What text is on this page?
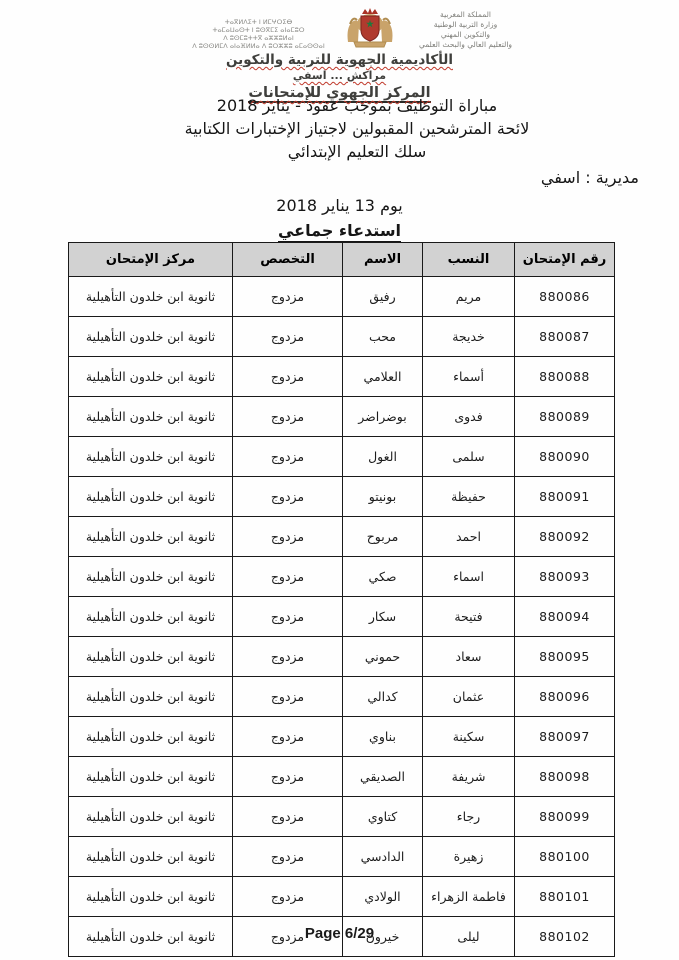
ⵜⴰⴳⵍⴷⵉⵜ ⵏ ⵍⵎⵖⵔⵉⴱ
ⵜⴰⵎⴰⵡⴰⵙⵜ ⵏ ⵓⵙⴳⵎⵉ ⴰⵏⴰⵎⵓⵔ
ⴷ ⵓⵙⵎⵓⵜⵜⴳ ⴰⵣⵣⵓⵍⴰⵏ
ⴷ ⵓⵙⵙⵍⵎⴷ ⴰⵏⴰⴼⵍⵍⴰ ⴷ ⵓⵔⵣⵣⵓ ⴰⵎⴰⵙⵙⴰⵏ
المملكة المغربية
وزارة التربية الوطنية
والتكوين المهني
والتعليم العالي والبحث العلمي
الأكاديمية الجهوية للتربية والتكوين
مراكش ... اسفي
المركز الجهوي للإمتحانات
مباراة التوظيف بموجب عقود - يناير 2018
لائحة المترشحين المقبولين لاجتياز الإختبارات الكتابية
سلك التعليم الإبتدائي
مديرية : اسفي
يوم 13 يناير 2018
استدعاء جماعي
رقم الإمتحان	النسب	الاسم	التخصص	مركز الإمتحان
880086	مريم	رفيق	مزدوج	ثانوية ابن خلدون التأهيلية
880087	خديجة	محب	مزدوج	ثانوية ابن خلدون التأهيلية
880088	أسماء	العلامي	مزدوج	ثانوية ابن خلدون التأهيلية
880089	فدوى	بوضراضر	مزدوج	ثانوية ابن خلدون التأهيلية
880090	سلمى	الغول	مزدوج	ثانوية ابن خلدون التأهيلية
880091	حفيظة	بونيتو	مزدوج	ثانوية ابن خلدون التأهيلية
880092	احمد	مربوح	مزدوج	ثانوية ابن خلدون التأهيلية
880093	اسماء	صكي	مزدوج	ثانوية ابن خلدون التأهيلية
880094	فتيحة	سكار	مزدوج	ثانوية ابن خلدون التأهيلية
880095	سعاد	حموني	مزدوج	ثانوية ابن خلدون التأهيلية
880096	عثمان	كدالي	مزدوج	ثانوية ابن خلدون التأهيلية
880097	سكينة	بناوي	مزدوج	ثانوية ابن خلدون التأهيلية
880098	شريفة	الصديقي	مزدوج	ثانوية ابن خلدون التأهيلية
880099	رجاء	كتاوي	مزدوج	ثانوية ابن خلدون التأهيلية
880100	زهيرة	الدادسي	مزدوج	ثانوية ابن خلدون التأهيلية
880101	فاطمة الزهراء	الولادي	مزدوج	ثانوية ابن خلدون التأهيلية
880102	ليلى	خيرون	مزدوج	ثانوية ابن خلدون التأهيلية	Page 6/29
